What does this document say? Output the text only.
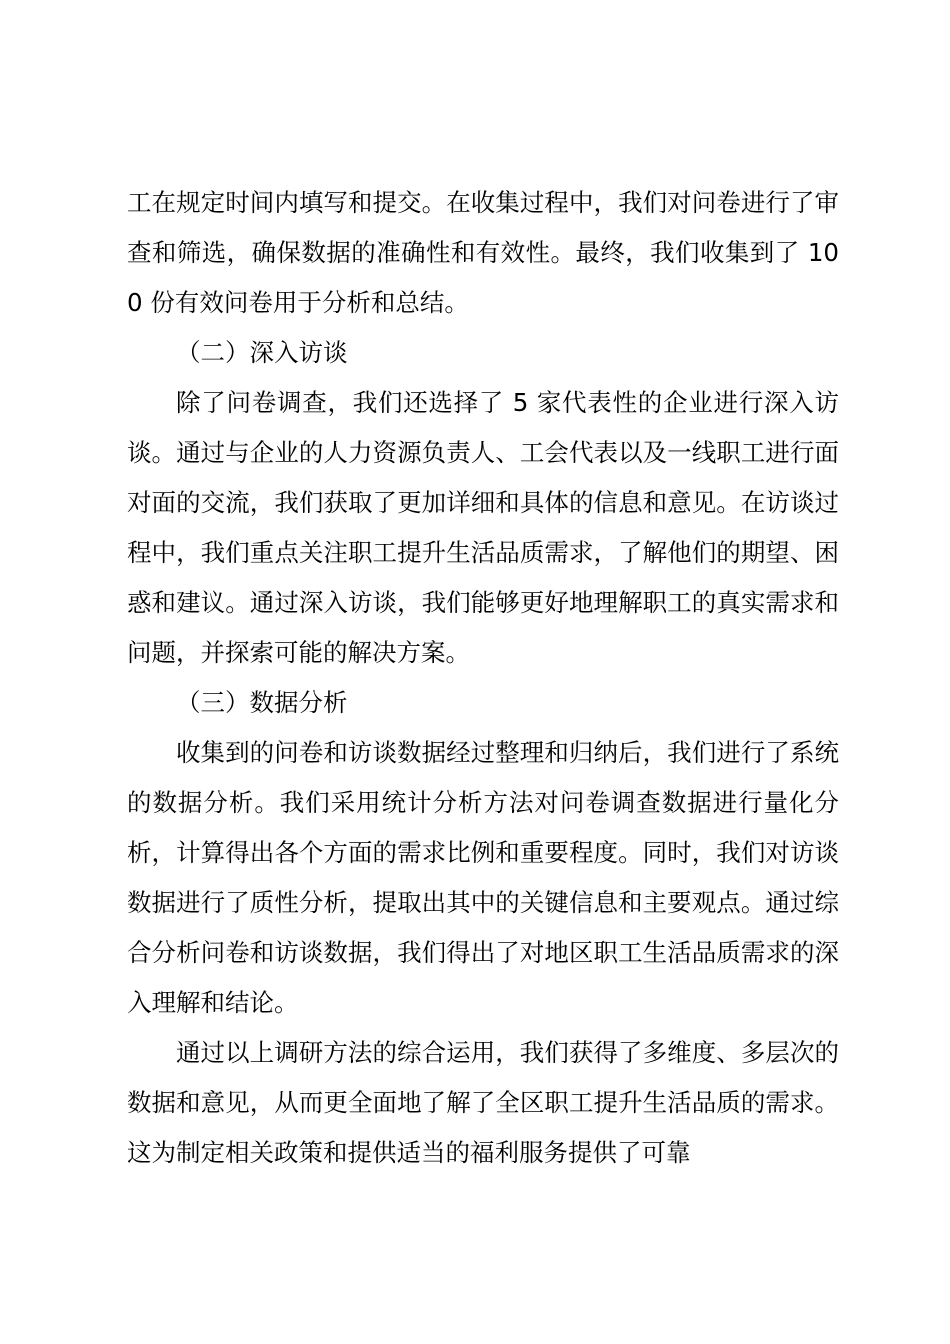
工在规定时间内填写和提交。在收集过程中，我们对问卷进行了审查和筛选，确保数据的准确性和有效性。最终，我们收集到了 100 份有效问卷用于分析和总结。

（二）深入访谈

除了问卷调查，我们还选择了 5 家代表性的企业进行深入访谈。通过与企业的人力资源负责人、工会代表以及一线职工进行面对面的交流，我们获取了更加详细和具体的信息和意见。在访谈过程中，我们重点关注职工提升生活品质需求，了解他们的期望、困惑和建议。通过深入访谈，我们能够更好地理解职工的真实需求和问题，并探索可能的解决方案。

（三）数据分析

收集到的问卷和访谈数据经过整理和归纳后，我们进行了系统的数据分析。我们采用统计分析方法对问卷调查数据进行量化分析，计算得出各个方面的需求比例和重要程度。同时，我们对访谈数据进行了质性分析，提取出其中的关键信息和主要观点。通过综合分析问卷和访谈数据，我们得出了对地区职工生活品质需求的深入理解和结论。

通过以上调研方法的综合运用，我们获得了多维度、多层次的数据和意见，从而更全面地了解了全区职工提升生活品质的需求。这为制定相关政策和提供适当的福利服务提供了可靠
